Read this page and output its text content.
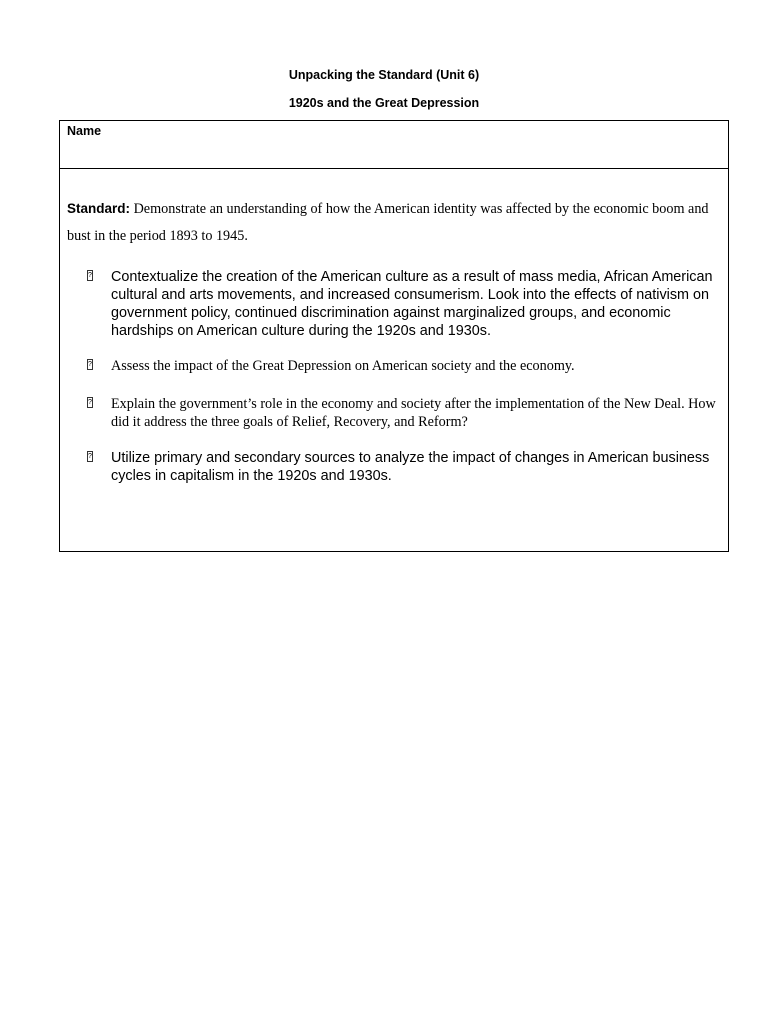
Unpacking the Standard (Unit 6)
1920s and the Great Depression
Name

Standard: Demonstrate an understanding of how the American identity was affected by the economic boom and bust in the period 1893 to 1945.

? Contextualize the creation of the American culture as a result of mass media, African American cultural and arts movements, and increased consumerism. Look into the effects of nativism on government policy, continued discrimination against marginalized groups, and economic hardships on American culture during the 1920s and 1930s.

? Assess the impact of the Great Depression on American society and the economy.

? Explain the government’s role in the economy and society after the implementation of the New Deal. How did it address the three goals of Relief, Recovery, and Reform?

? Utilize primary and secondary sources to analyze the impact of changes in American business cycles in capitalism in the 1920s and 1930s.
